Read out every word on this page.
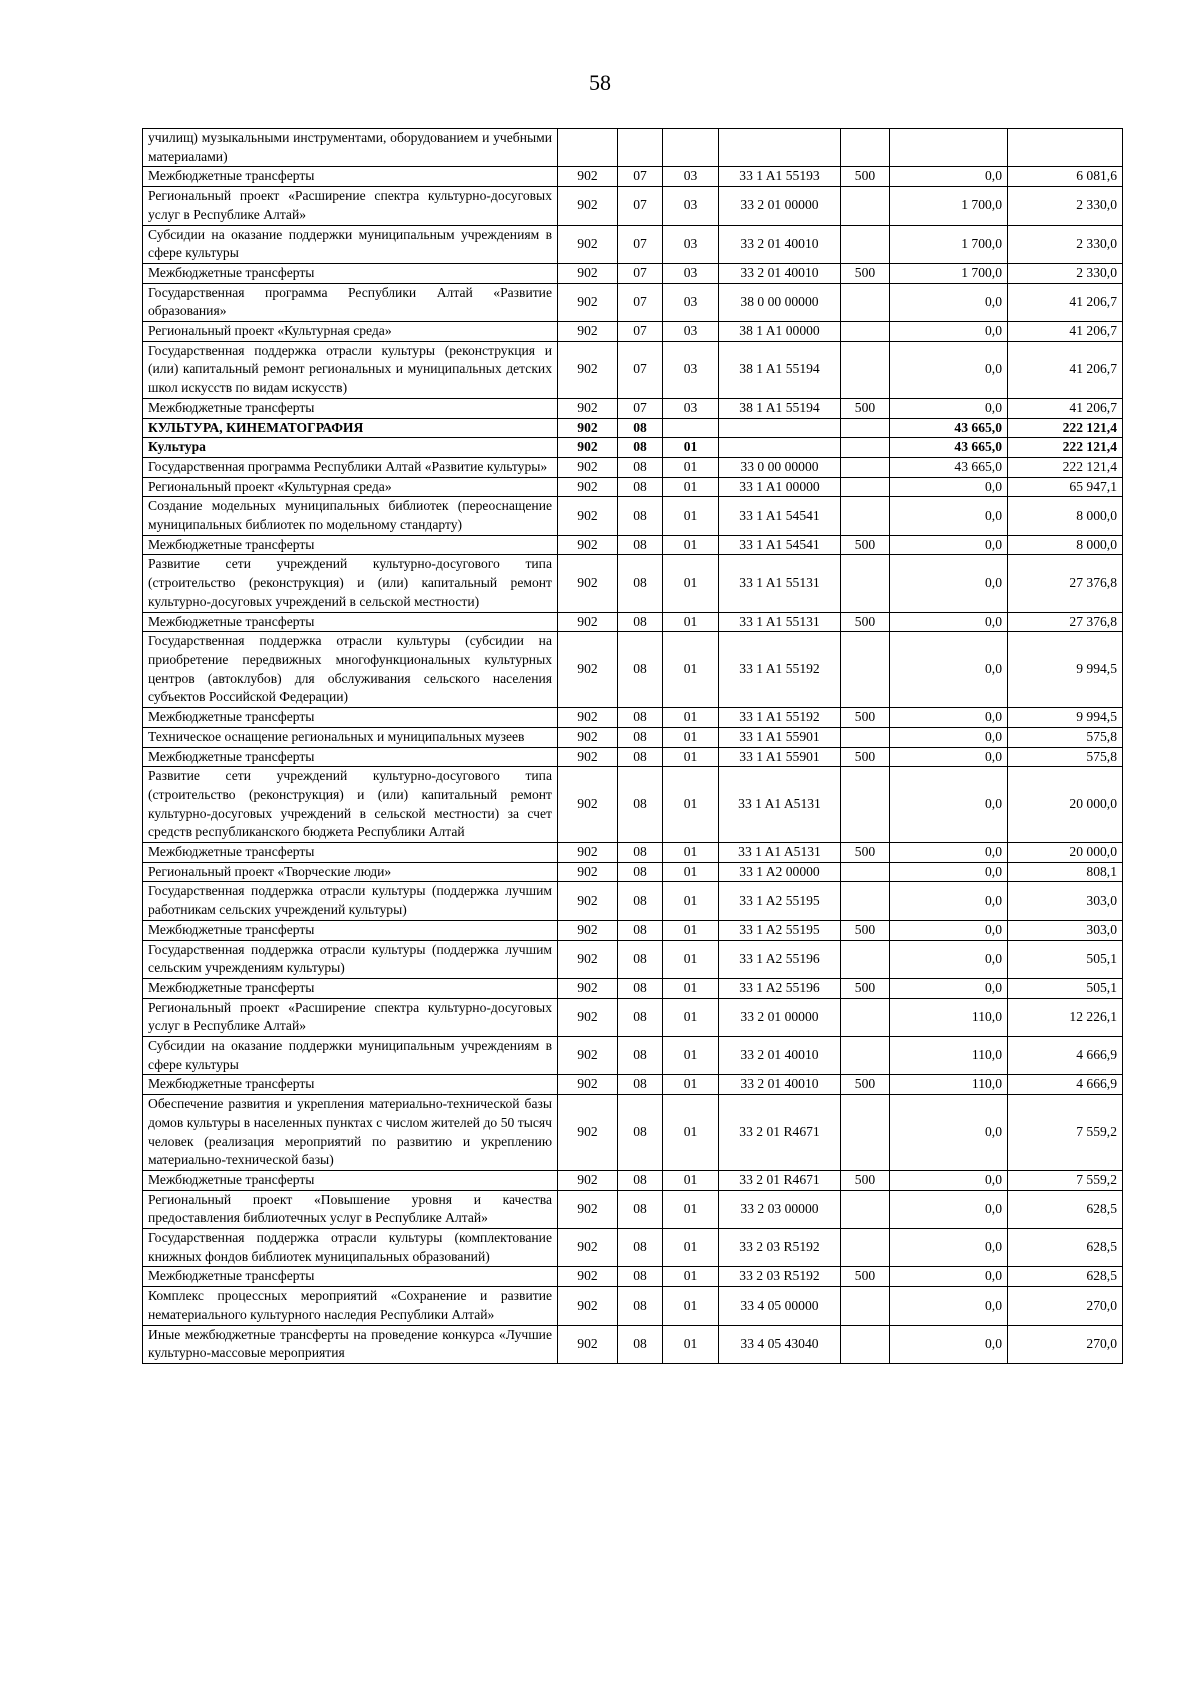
58
училищ) музыкальными инструментами, оборудованием и учебными материалами)							
Межбюджетные трансферты	902	07	03	33 1 A1 55193	500	0,0	6 081,6
Региональный проект «Расширение спектра культурно-досуговых услуг в Республике Алтай»	902	07	03	33 2 01 00000		1 700,0	2 330,0
Субсидии на оказание поддержки муниципальным учреждениям в сфере культуры	902	07	03	33 2 01 40010		1 700,0	2 330,0
Межбюджетные трансферты	902	07	03	33 2 01 40010	500	1 700,0	2 330,0
Государственная программа Республики Алтай «Развитие образования»	902	07	03	38 0 00 00000		0,0	41 206,7
Региональный проект «Культурная среда»	902	07	03	38 1 A1 00000		0,0	41 206,7
Государственная поддержка отрасли культуры (реконструкция и (или) капитальный ремонт региональных и муниципальных детских школ искусств по видам искусств)	902	07	03	38 1 A1 55194		0,0	41 206,7
Межбюджетные трансферты	902	07	03	38 1 A1 55194	500	0,0	41 206,7
КУЛЬТУРА, КИНЕМАТОГРАФИЯ	902	08				43 665,0	222 121,4
Культура	902	08	01			43 665,0	222 121,4
Государственная программа Республики Алтай «Развитие культуры»	902	08	01	33 0 00 00000		43 665,0	222 121,4
Региональный проект «Культурная среда»	902	08	01	33 1 A1 00000		0,0	65 947,1
Создание модельных муниципальных библиотек (переоснащение муниципальных библиотек по модельному стандарту)	902	08	01	33 1 A1 54541		0,0	8 000,0
Межбюджетные трансферты	902	08	01	33 1 A1 54541	500	0,0	8 000,0
Развитие сети учреждений культурно-досугового типа (строительство (реконструкция) и (или) капитальный ремонт культурно-досуговых учреждений в сельской местности)	902	08	01	33 1 A1 55131		0,0	27 376,8
Межбюджетные трансферты	902	08	01	33 1 A1 55131	500	0,0	27 376,8
Государственная поддержка отрасли культуры (субсидии на приобретение передвижных многофункциональных культурных центров (автоклубов) для обслуживания сельского населения субъектов Российской Федерации)	902	08	01	33 1 A1 55192		0,0	9 994,5
Межбюджетные трансферты	902	08	01	33 1 A1 55192	500	0,0	9 994,5
Техническое оснащение региональных и муниципальных музеев	902	08	01	33 1 A1 55901		0,0	575,8
Межбюджетные трансферты	902	08	01	33 1 A1 55901	500	0,0	575,8
Развитие сети учреждений культурно-досугового типа (строительство (реконструкция) и (или) капитальный ремонт культурно-досуговых учреждений в сельской местности) за счет средств республиканского бюджета Республики Алтай	902	08	01	33 1 A1 A5131		0,0	20 000,0
Межбюджетные трансферты	902	08	01	33 1 A1 A5131	500	0,0	20 000,0
Региональный проект «Творческие люди»	902	08	01	33 1 A2 00000		0,0	808,1
Государственная поддержка отрасли культуры (поддержка лучшим работникам сельских учреждений культуры)	902	08	01	33 1 A2 55195		0,0	303,0
Межбюджетные трансферты	902	08	01	33 1 A2 55195	500	0,0	303,0
Государственная поддержка отрасли культуры (поддержка лучшим сельским учреждениям культуры)	902	08	01	33 1 A2 55196		0,0	505,1
Межбюджетные трансферты	902	08	01	33 1 A2 55196	500	0,0	505,1
Региональный проект «Расширение спектра культурно-досуговых услуг в Республике Алтай»	902	08	01	33 2 01 00000		110,0	12 226,1
Субсидии на оказание поддержки муниципальным учреждениям в сфере культуры	902	08	01	33 2 01 40010		110,0	4 666,9
Межбюджетные трансферты	902	08	01	33 2 01 40010	500	110,0	4 666,9
Обеспечение развития и укрепления материально-технической базы домов культуры в населенных пунктах с числом жителей до 50 тысяч человек (реализация мероприятий по развитию и укреплению материально-технической базы)	902	08	01	33 2 01 R4671		0,0	7 559,2
Межбюджетные трансферты	902	08	01	33 2 01 R4671	500	0,0	7 559,2
Региональный проект «Повышение уровня и качества предоставления библиотечных услуг в Республике Алтай»	902	08	01	33 2 03 00000		0,0	628,5
Государственная поддержка отрасли культуры (комплектование книжных фондов библиотек муниципальных образований)	902	08	01	33 2 03 R5192		0,0	628,5
Межбюджетные трансферты	902	08	01	33 2 03 R5192	500	0,0	628,5
Комплекс процессных мероприятий «Сохранение и развитие нематериального культурного наследия Республики Алтай»	902	08	01	33 4 05 00000		0,0	270,0
Иные межбюджетные трансферты на проведение конкурса «Лучшие культурно-массовые мероприятия	902	08	01	33 4 05 43040		0,0	270,0
